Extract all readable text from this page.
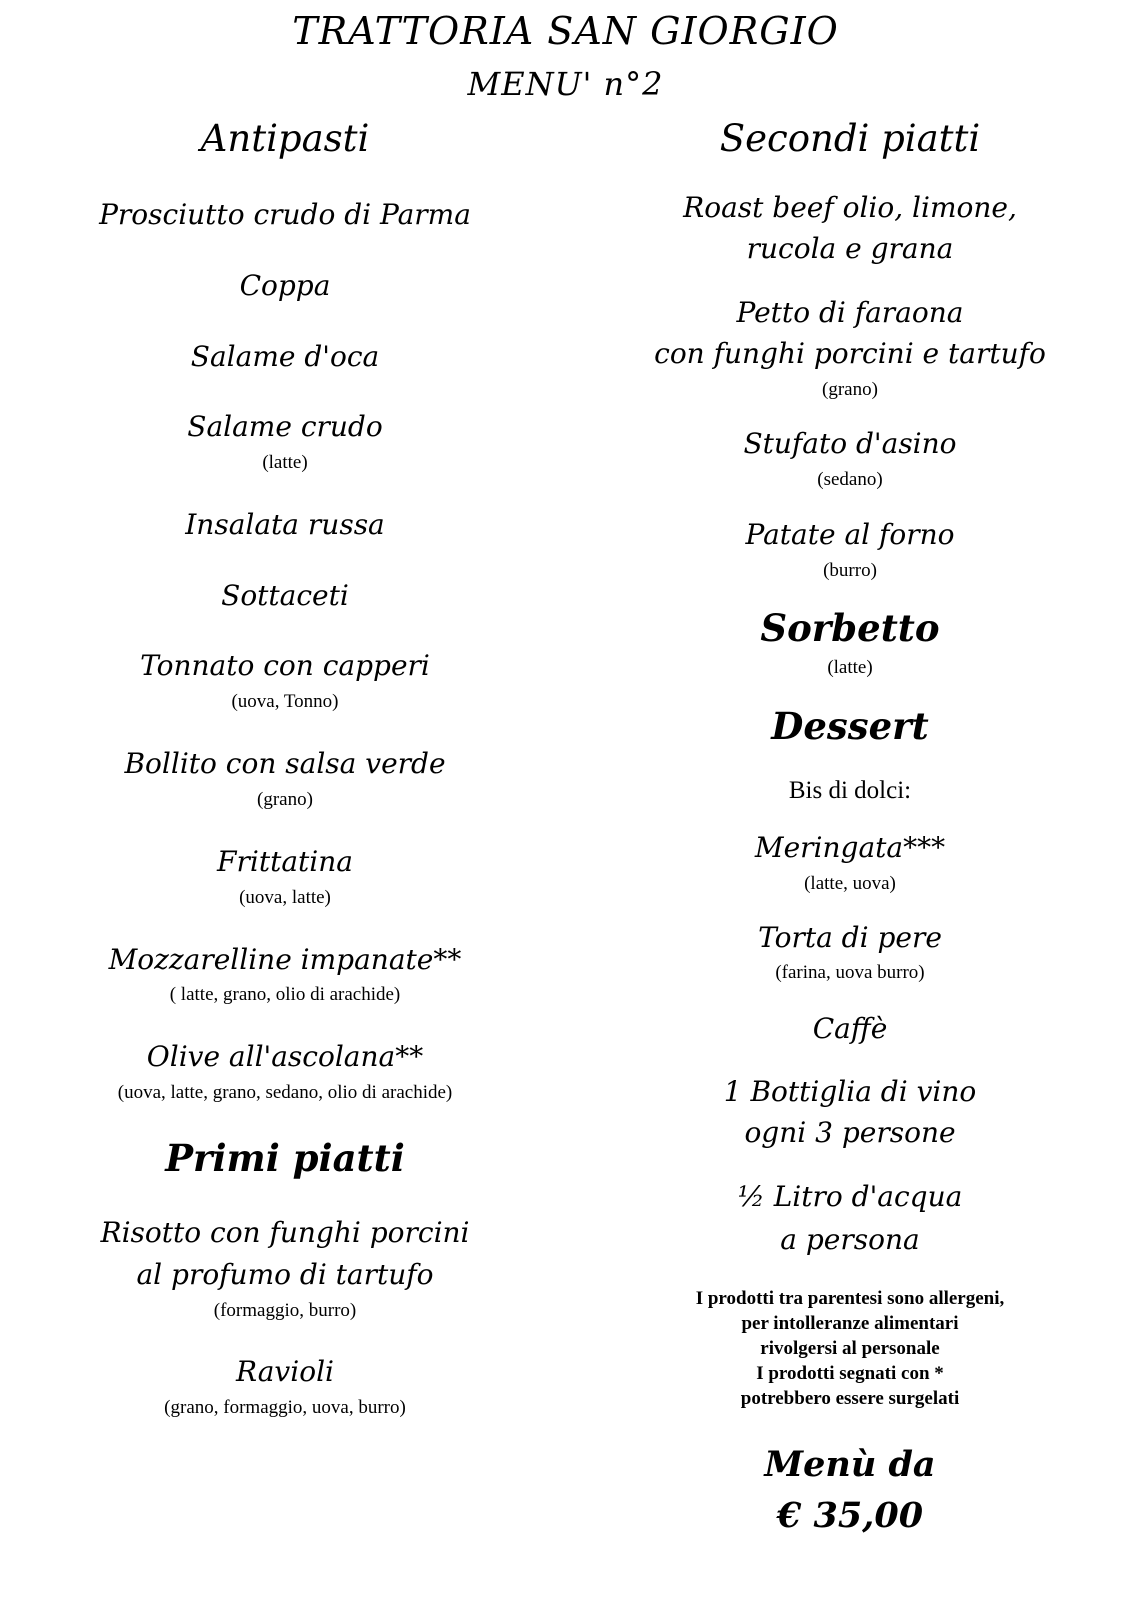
TRATTORIA SAN GIORGIO
MENU' n°2
Antipasti
Prosciutto crudo di Parma
Coppa
Salame d'oca
Salame crudo
(latte)
Insalata russa
Sottaceti
Tonnato con capperi
(uova, Tonno)
Bollito con salsa verde
(grano)
Frittatina
(uova, latte)
Mozzarelline impanate**
( latte, grano, olio di arachide)
Olive all'ascolana**
(uova, latte, grano, sedano, olio di arachide)
Primi piatti
Risotto con funghi porcini
al profumo di tartufo
(formaggio, burro)
Ravioli
(grano, formaggio, uova, burro)
Secondi piatti
Roast beef olio, limone,
rucola e grana
Petto di faraona
con funghi porcini e tartufo
(grano)
Stufato d'asino
(sedano)
Patate al forno
(burro)
Sorbetto
(latte)
Dessert
Bis di dolci:
Meringata***
(latte, uova)
Torta di pere
(farina, uova burro)
Caffè
1 Bottiglia di vino
ogni 3 persone
½ Litro d'acqua
a persona
I prodotti tra parentesi sono allergeni,
per intolleranze alimentari
rivolgersi al personale
I prodotti segnati con *
potrebbero essere surgelati
Menù da
€ 35,00
